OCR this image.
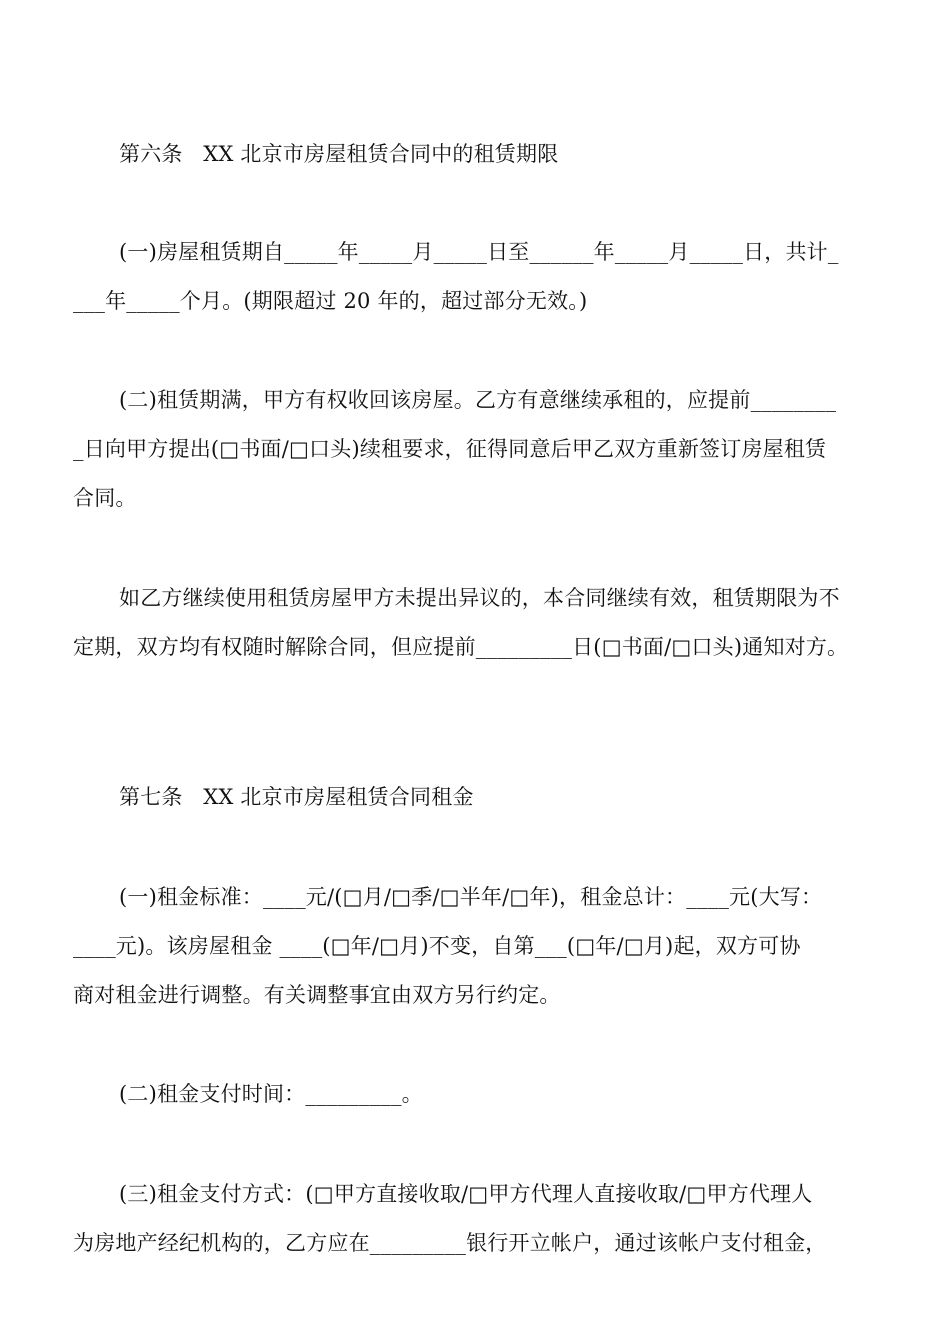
第六条   XX 北京市房屋租赁合同中的租赁期限
(一)房屋租赁期自_____年_____月_____日至______年_____月_____日，共计_
___年_____个月。(期限超过 20 年的，超过部分无效。)
(二)租赁期满，甲方有权收回该房屋。乙方有意继续承租的，应提前________
_日向甲方提出(□书面/□口头)续租要求，征得同意后甲乙双方重新签订房屋租赁
合同。
如乙方继续使用租赁房屋甲方未提出异议的，本合同继续有效，租赁期限为不
定期，双方均有权随时解除合同，但应提前_________日(□书面/□口头)通知对方。
第七条   XX 北京市房屋租赁合同租金
(一)租金标准：____元/(□月/□季/□半年/□年)，租金总计：____元(大写：
____元)。该房屋租金 ____(□年/□月)不变，自第___(□年/□月)起，双方可协
商对租金进行调整。有关调整事宜由双方另行约定。
(二)租金支付时间：_________。
(三)租金支付方式：(□甲方直接收取/□甲方代理人直接收取/□甲方代理人
为房地产经纪机构的，乙方应在_________银行开立帐户，通过该帐户支付租金，
